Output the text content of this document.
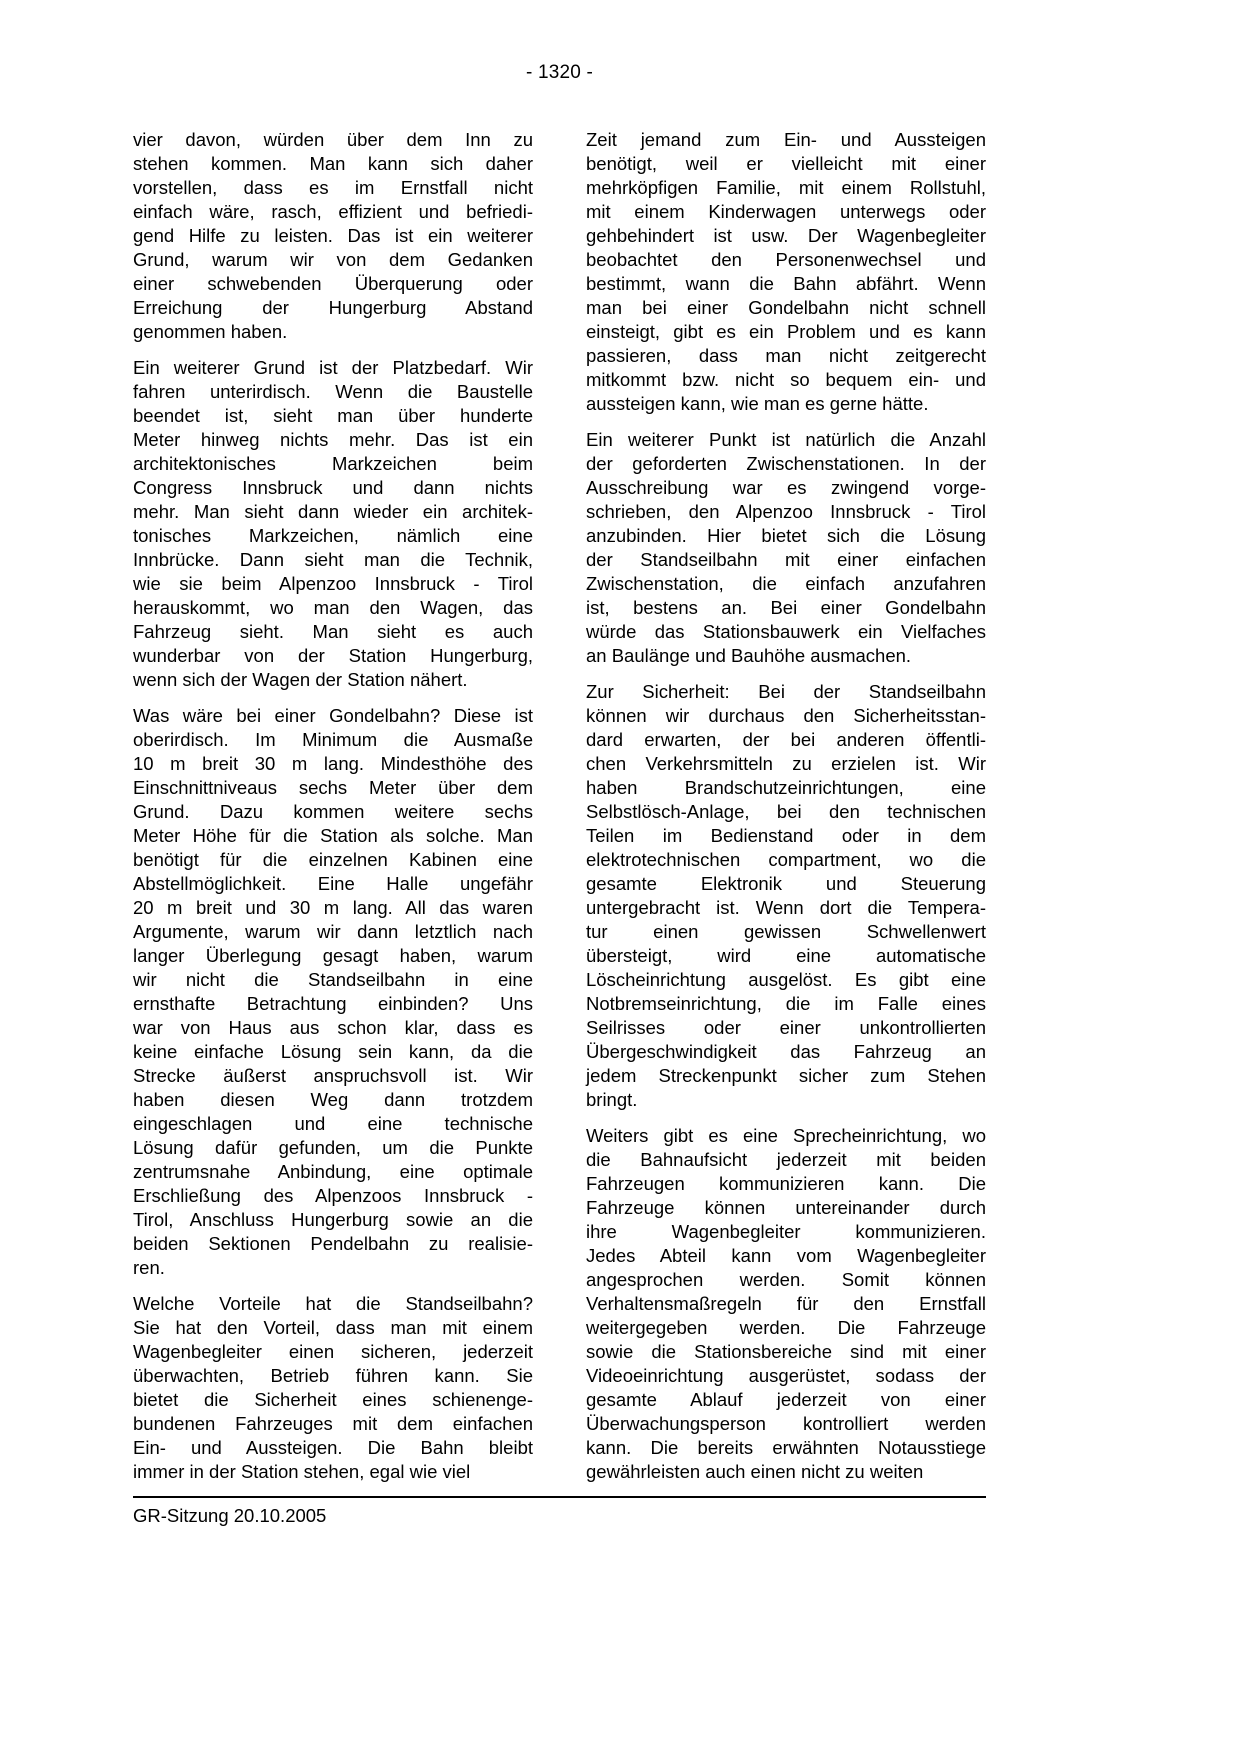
- 1320 -
vier davon, würden über dem Inn zu
stehen kommen. Man kann sich daher
vorstellen, dass es im Ernstfall nicht
einfach wäre, rasch, effizient und befriedi-
gend Hilfe zu leisten. Das ist ein weiterer
Grund, warum wir von dem Gedanken
einer schwebenden Überquerung oder
Erreichung der Hungerburg Abstand
genommen haben.
Ein weiterer Grund ist der Platzbedarf. Wir
fahren unterirdisch. Wenn die Baustelle
beendet ist, sieht man über hunderte
Meter hinweg nichts mehr. Das ist ein
architektonisches Markzeichen beim
Congress Innsbruck und dann nichts
mehr. Man sieht dann wieder ein architek-
tonisches Markzeichen, nämlich eine
Innbrücke. Dann sieht man die Technik,
wie sie beim Alpenzoo Innsbruck - Tirol
herauskommt, wo man den Wagen, das
Fahrzeug sieht. Man sieht es auch
wunderbar von der Station Hungerburg,
wenn sich der Wagen der Station nähert.
Was wäre bei einer Gondelbahn? Diese ist
oberirdisch. Im Minimum die Ausmaße
10 m breit 30 m lang. Mindesthöhe des
Einschnittniveaus sechs Meter über dem
Grund. Dazu kommen weitere sechs
Meter Höhe für die Station als solche. Man
benötigt für die einzelnen Kabinen eine
Abstellmöglichkeit. Eine Halle ungefähr
20 m breit und 30 m lang. All das waren
Argumente, warum wir dann letztlich nach
langer Überlegung gesagt haben, warum
wir nicht die Standseilbahn in eine
ernsthafte Betrachtung einbinden? Uns
war von Haus aus schon klar, dass es
keine einfache Lösung sein kann, da die
Strecke äußerst anspruchsvoll ist. Wir
haben diesen Weg dann trotzdem
eingeschlagen und eine technische
Lösung dafür gefunden, um die Punkte
zentrumsnahe Anbindung, eine optimale
Erschließung des Alpenzoos Innsbruck -
Tirol, Anschluss Hungerburg sowie an die
beiden Sektionen Pendelbahn zu realisie-
ren.
Welche Vorteile hat die Standseilbahn?
Sie hat den Vorteil, dass man mit einem
Wagenbegleiter einen sicheren, jederzeit
überwachten, Betrieb führen kann. Sie
bietet die Sicherheit eines schienenge-
bundenen Fahrzeuges mit dem einfachen
Ein- und Aussteigen. Die Bahn bleibt
immer in der Station stehen, egal wie viel
Zeit jemand zum Ein- und Aussteigen
benötigt, weil er vielleicht mit einer
mehrköpfigen Familie, mit einem Rollstuhl,
mit einem Kinderwagen unterwegs oder
gehbehindert ist usw. Der Wagenbegleiter
beobachtet den Personenwechsel und
bestimmt, wann die Bahn abfährt. Wenn
man bei einer Gondelbahn nicht schnell
einsteigt, gibt es ein Problem und es kann
passieren, dass man nicht zeitgerecht
mitkommt bzw. nicht so bequem ein- und
aussteigen kann, wie man es gerne hätte.
Ein weiterer Punkt ist natürlich die Anzahl
der geforderten Zwischenstationen. In der
Ausschreibung war es zwingend vorge-
schrieben, den Alpenzoo Innsbruck - Tirol
anzubinden. Hier bietet sich die Lösung
der Standseilbahn mit einer einfachen
Zwischenstation, die einfach anzufahren
ist, bestens an. Bei einer Gondelbahn
würde das Stationsbauwerk ein Vielfaches
an Baulänge und Bauhöhe ausmachen.
Zur Sicherheit: Bei der Standseilbahn
können wir durchaus den Sicherheitsstan-
dard erwarten, der bei anderen öffentli-
chen Verkehrsmitteln zu erzielen ist. Wir
haben Brandschutzeinrichtungen, eine
Selbstlösch-Anlage, bei den technischen
Teilen im Bedienstand oder in dem
elektrotechnischen compartment, wo die
gesamte Elektronik und Steuerung
untergebracht ist. Wenn dort die Tempera-
tur einen gewissen Schwellenwert
übersteigt, wird eine automatische
Löscheinrichtung ausgelöst. Es gibt eine
Notbremseinrichtung, die im Falle eines
Seilrisses oder einer unkontrollierten
Übergeschwindigkeit das Fahrzeug an
jedem Streckenpunkt sicher zum Stehen
bringt.
Weiters gibt es eine Sprecheinrichtung, wo
die Bahnaufsicht jederzeit mit beiden
Fahrzeugen kommunizieren kann. Die
Fahrzeuge können untereinander durch
ihre Wagenbegleiter kommunizieren.
Jedes Abteil kann vom Wagenbegleiter
angesprochen werden. Somit können
Verhaltensmaßregeln für den Ernstfall
weitergegeben werden. Die Fahrzeuge
sowie die Stationsbereiche sind mit einer
Videoeinrichtung ausgerüstet, sodass der
gesamte Ablauf jederzeit von einer
Überwachungsperson kontrolliert werden
kann. Die bereits erwähnten Notausstiege
gewährleisten auch einen nicht zu weiten
GR-Sitzung 20.10.2005
